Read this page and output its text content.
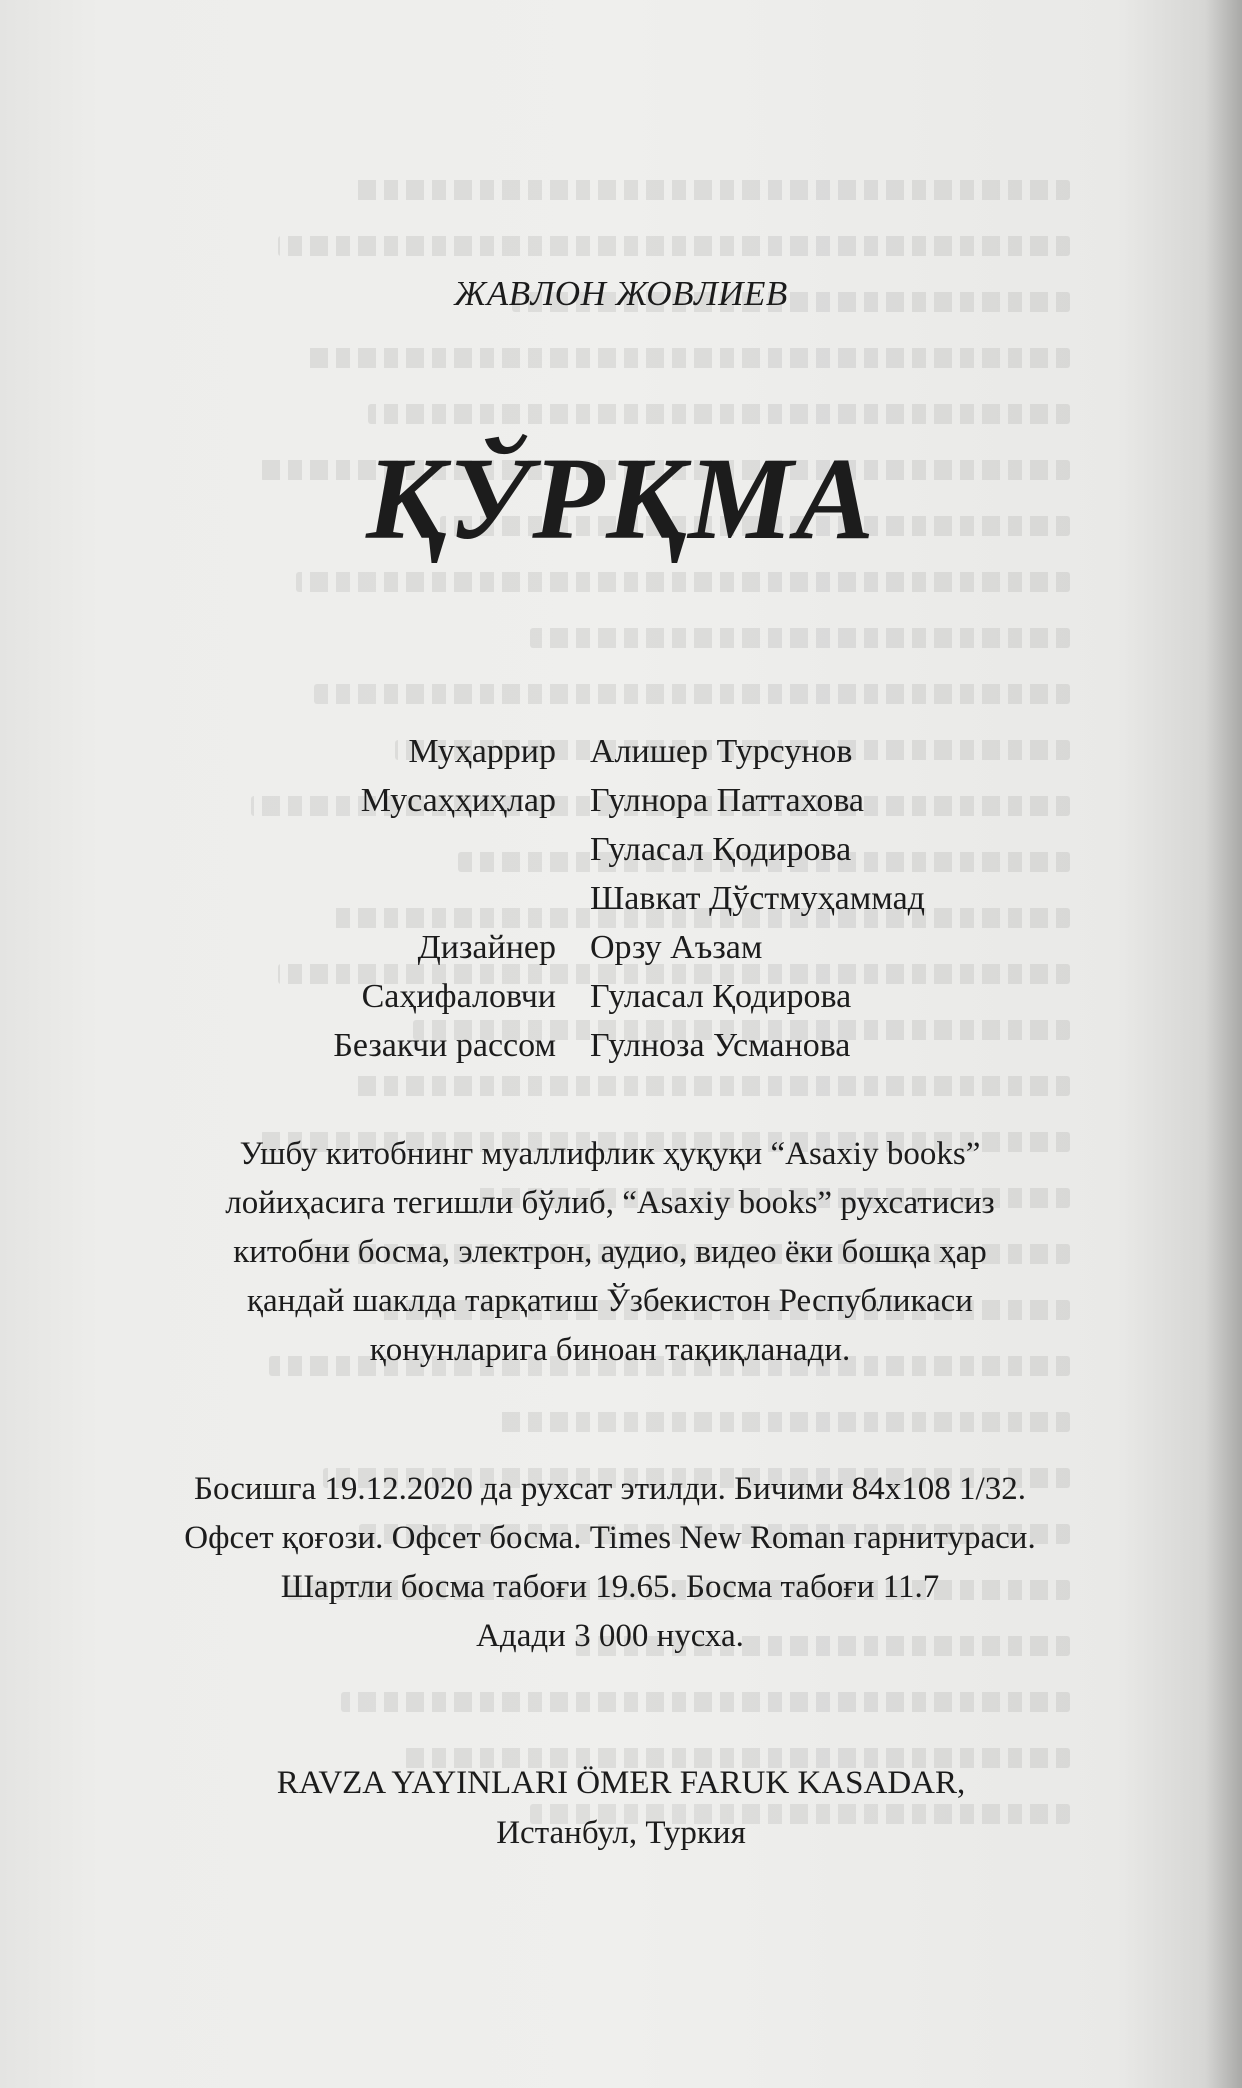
ЖАВЛОН ЖОВЛИЕВ
ҚЎРҚМА
Муҳаррир	Алишер Турсунов
Мусаҳҳиҳлар	Гулнора Паттахова
Гуласал Қодирова
Шавкат Дўстмуҳаммад
Дизайнер	Орзу Аъзам
Саҳифаловчи	Гуласал Қодирова
Безакчи рассом	Гулноза Усманова
Ушбу китобнинг муаллифлик ҳуқуқи “Asaxiy books”
лойиҳасига тегишли бўлиб, “Asaxiy books” рухсатисиз
китобни босма, электрон, аудио, видео ёки бошқа ҳар
қандай шаклда тарқатиш Ўзбекистон Республикаси
қонунларига биноан тақиқланади.
Босишга 19.12.2020 да рухсат этилди. Бичими 84х108 1/32.
Офсет қоғози. Офсет босма. Times New Roman гарнитураси.
Шартли босма табоғи 19.65. Босма табоғи 11.7
Адади 3 000 нусха.
RAVZA YAYINLARI ÖMER FARUK KASADAR,
Истанбул, Туркия
